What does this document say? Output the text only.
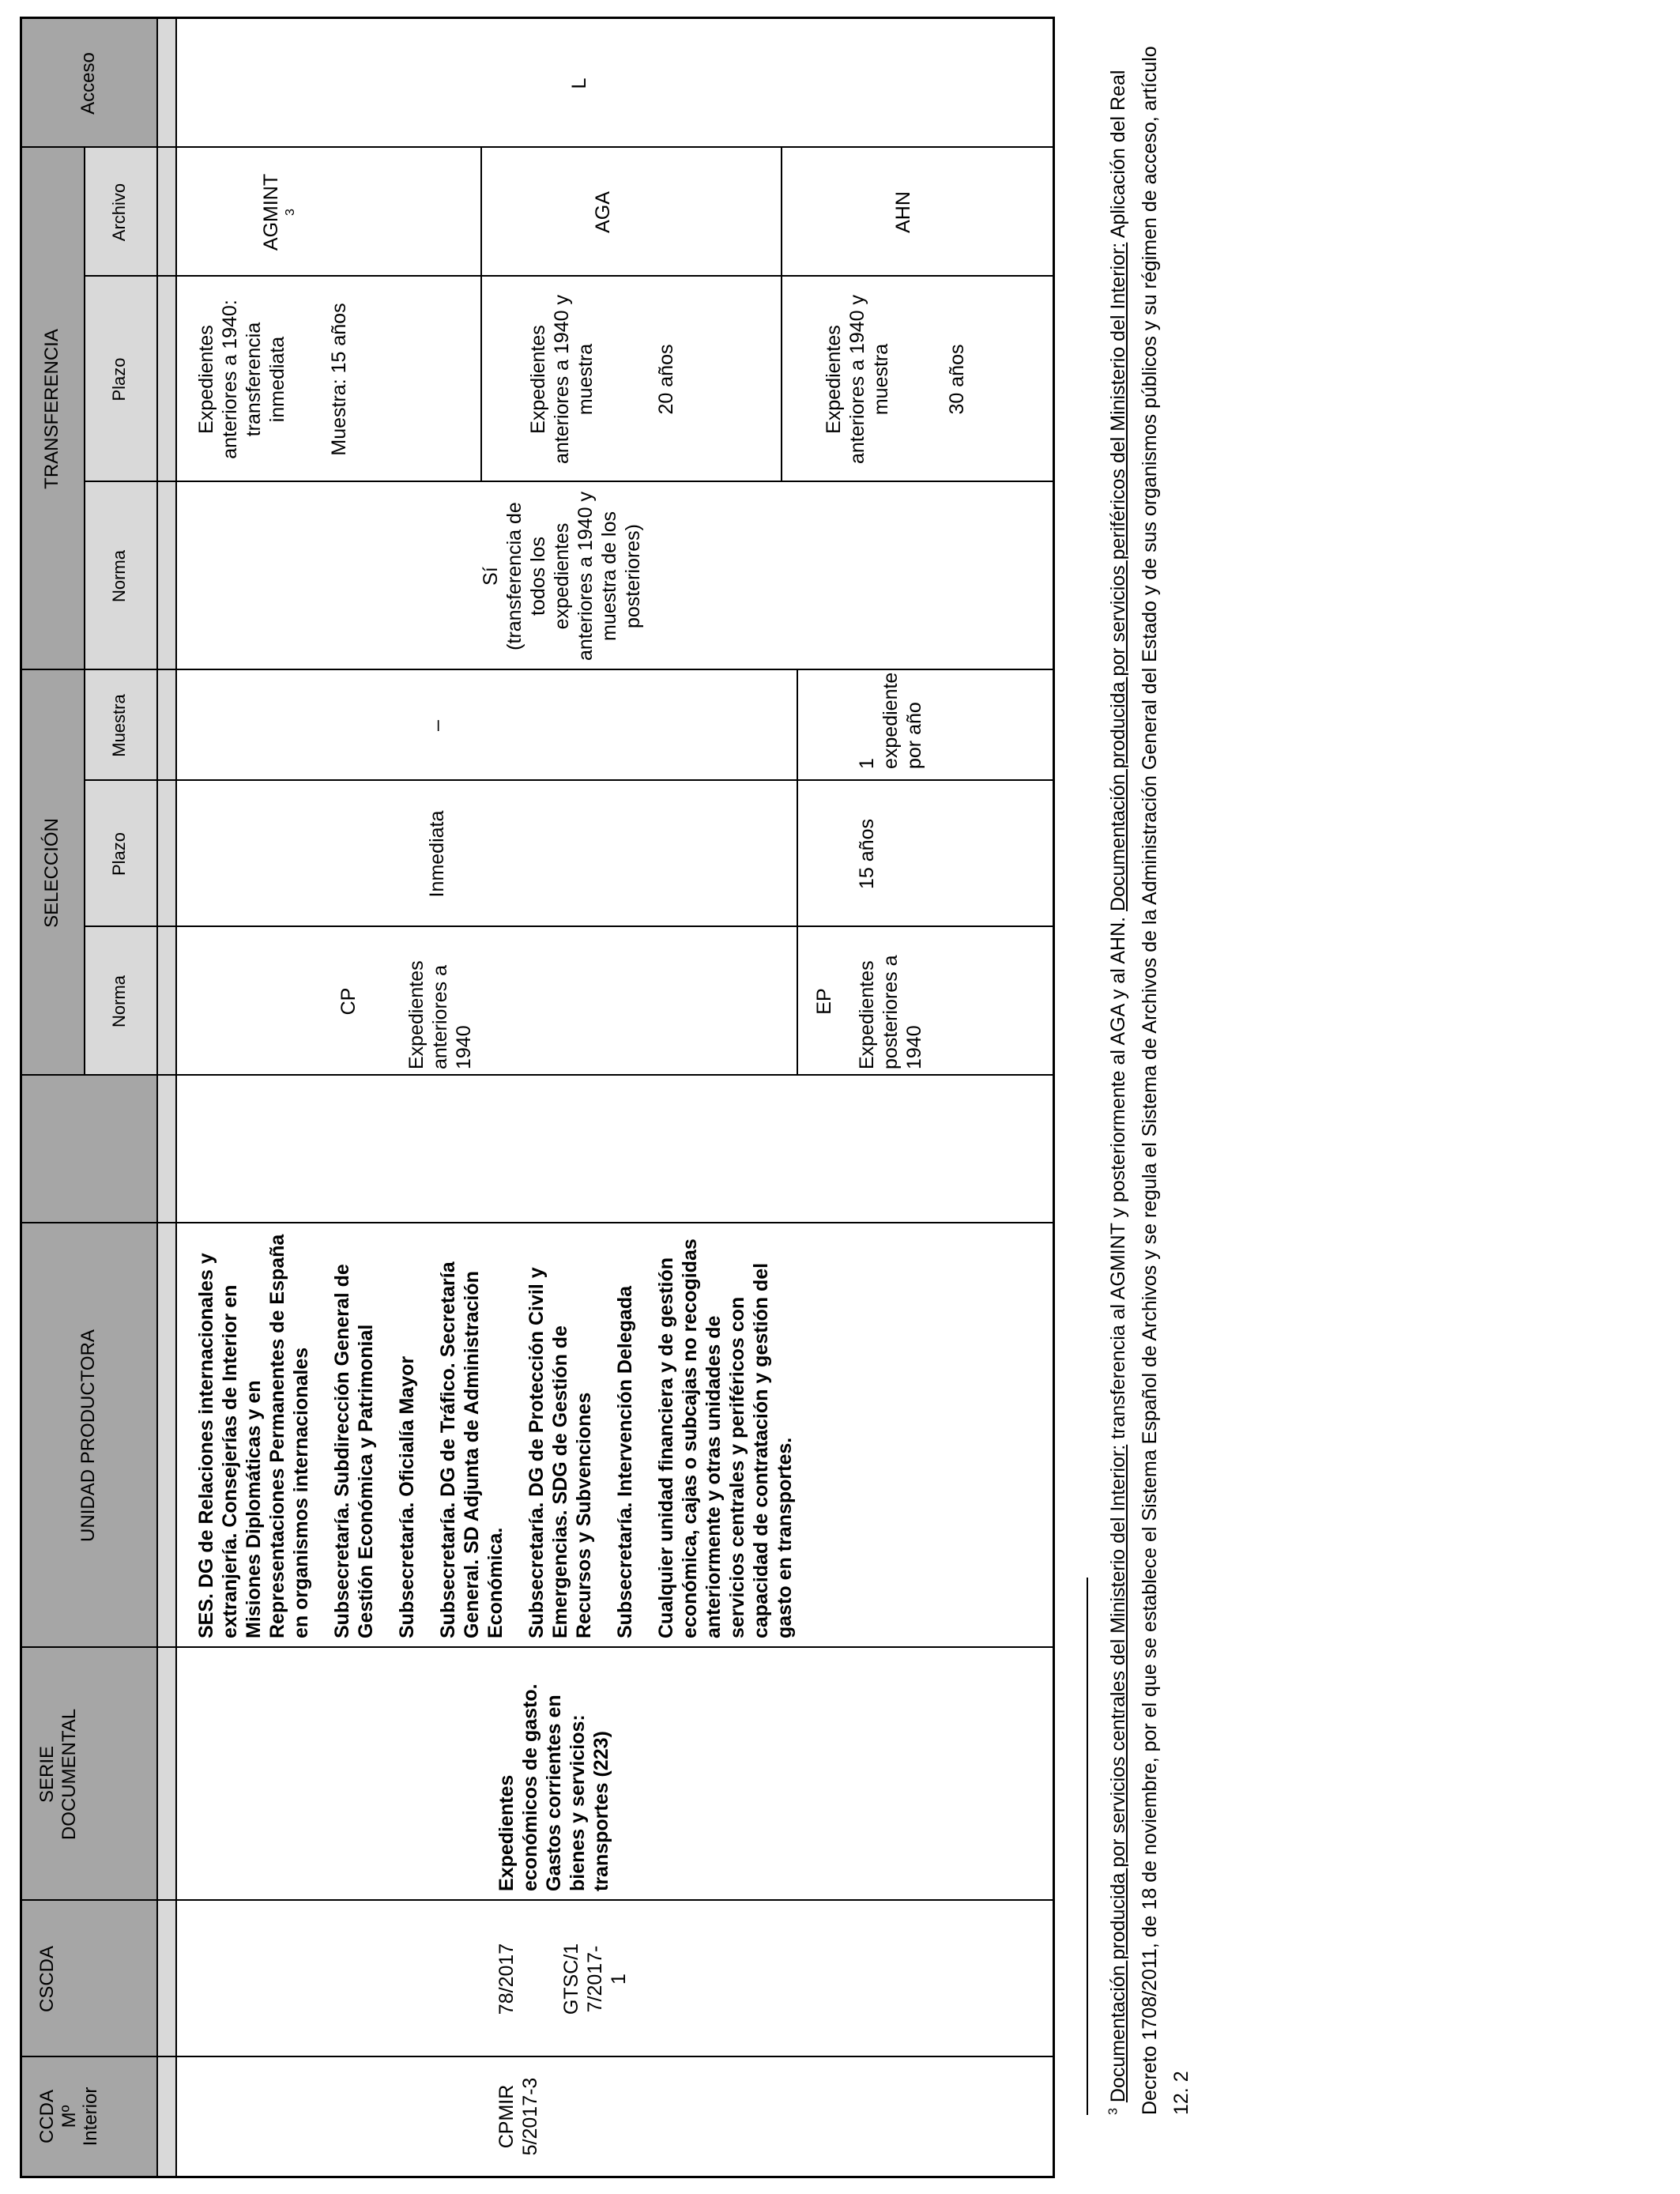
CCDA
Mº
Interior
CSCDA
SERIE
DOCUMENTAL
UNIDAD PRODUCTORA
SELECCIÓN
TRANSFERENCIA
Acceso
Norma
Plazo
Muestra
Norma
Plazo
Archivo
CPMIR
5/2017-3
78/2017 GTSC/1
7/2017-
1
Expedientes económicos de gasto. Gastos corrientes en bienes y servicios: transportes (223)
SES. DG de Relaciones internacionales y extranjería. Consejerías de Interior en Misiones Diplomáticas y en Representaciones Permanentes de España en organismos internacionales Subsecretaría. Subdirección General de Gestión Económica y Patrimonial Subsecretaría. Oficialía Mayor Subsecretaría. DG de Tráfico. Secretaría General. SD Adjunta de Administración Económica. Subsecretaría. DG de Protección Civil y Emergencias. SDG de Gestión de Recursos y Subvenciones Subsecretaría. Intervención Delegada Cualquier unidad financiera y de gestión económica, cajas o subcajas no recogidas anteriormente y otras unidades de servicios centrales y periféricos con capacidad de contratación y gestión del gasto en transportes.
CP Expedientes anteriores a 1940
Inmediata
–
EP Expedientes posteriores a 1940
15 años
1 expediente por año
Sí
(transferencia de todos los expedientes anteriores a 1940 y muestra de los posteriores)
Expedientes anteriores a 1940: transferencia inmediata Muestra: 15 años
AGMINT $^3$
Expedientes anteriores a 1940 y muestra	20 años
AGA
Expedientes anteriores a 1940 y muestra	30 años
AHN
L
$^3$ Documentación producida por servicios centrales del Ministerio del Interior: transferencia al AGMINT y posteriormente al AGA y al AHN. Documentación producida por servicios periféricos del Ministerio del Interior: Aplicación del Real Decreto 1708/2011, de 18 de noviembre, por el que se establece el Sistema Español de Archivos y se regula el Sistema de Archivos de la Administración General del Estado y de sus organismos públicos y su régimen de acceso, artículo 12. 2
